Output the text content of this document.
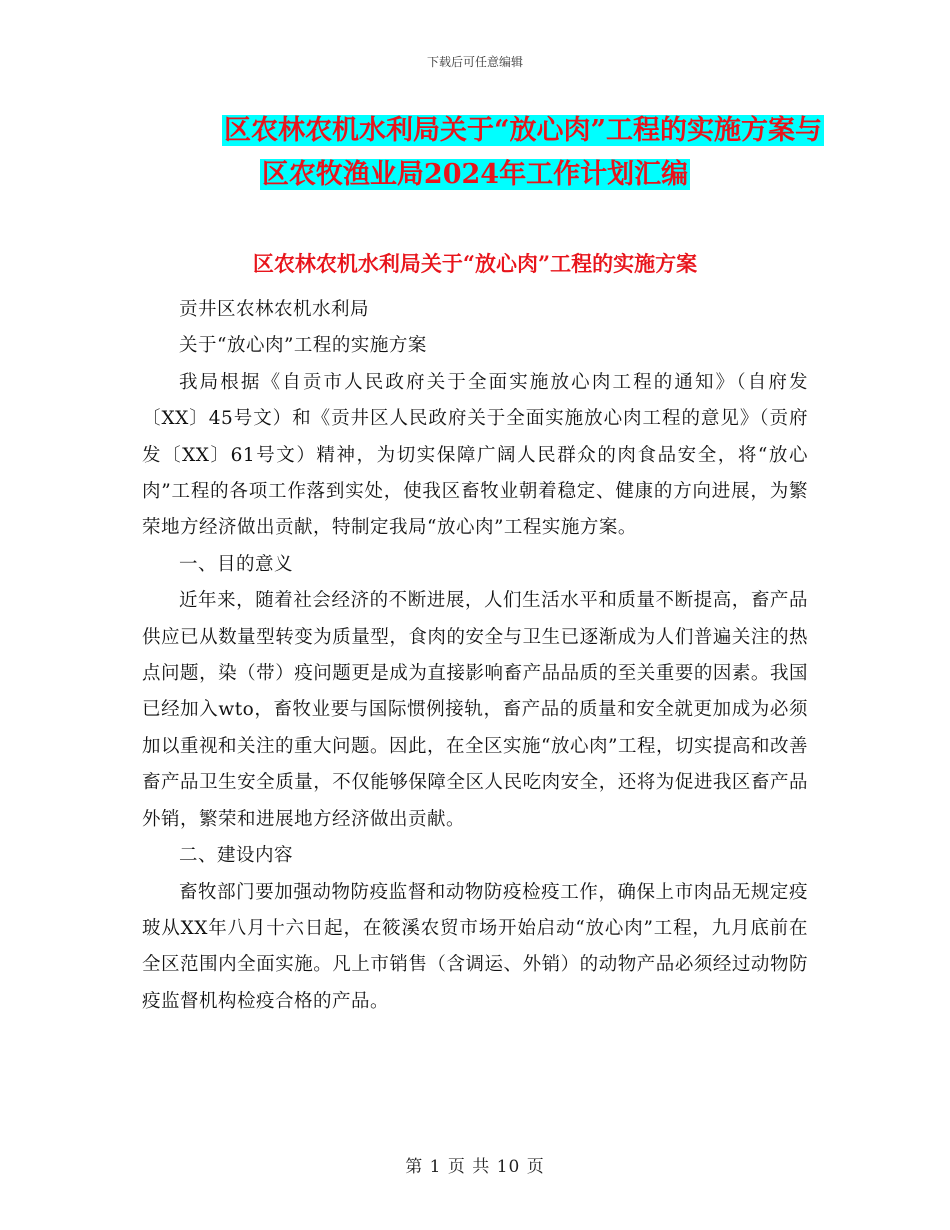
下载后可任意编辑
区农林农机水利局关于“放心肉”工程的实施方案与
区农牧渔业局2024年工作计划汇编
区农林农机水利局关于“放心肉”工程的实施方案

贡井区农林农机水利局

关于“放心肉”工程的实施方案

我局根据《自贡市人民政府关于全面实施放心肉工程的通知》（自府发〔XX〕45号文）和《贡井区人民政府关于全面实施放心肉工程的意见》（贡府发〔XX〕61号文）精神，为切实保障广阔人民群众的肉食品安全，将“放心肉”工程的各项工作落到实处，使我区畜牧业朝着稳定、健康的方向进展，为繁荣地方经济做出贡献，特制定我局“放心肉”工程实施方案。

一、目的意义

近年来，随着社会经济的不断进展，人们生活水平和质量不断提高，畜产品供应已从数量型转变为质量型，食肉的安全与卫生已逐渐成为人们普遍关注的热点问题，染（带）疫问题更是成为直接影响畜产品品质的至关重要的因素。我国已经加入wto，畜牧业要与国际惯例接轨，畜产品的质量和安全就更加成为必须加以重视和关注的重大问题。因此，在全区实施“放心肉”工程，切实提高和改善畜产品卫生安全质量，不仅能够保障全区人民吃肉安全，还将为促进我区畜产品外销，繁荣和进展地方经济做出贡献。

二、建设内容

畜牧部门要加强动物防疫监督和动物防疫检疫工作，确保上市肉品无规定疫玻从XX年八月十六日起，在筱溪农贸市场开始启动“放心肉”工程，九月底前在全区范围内全面实施。凡上市销售（含调运、外销）的动物产品必须经过动物防疫监督机构检疫合格的产品。

第 1 页 共 10 页
